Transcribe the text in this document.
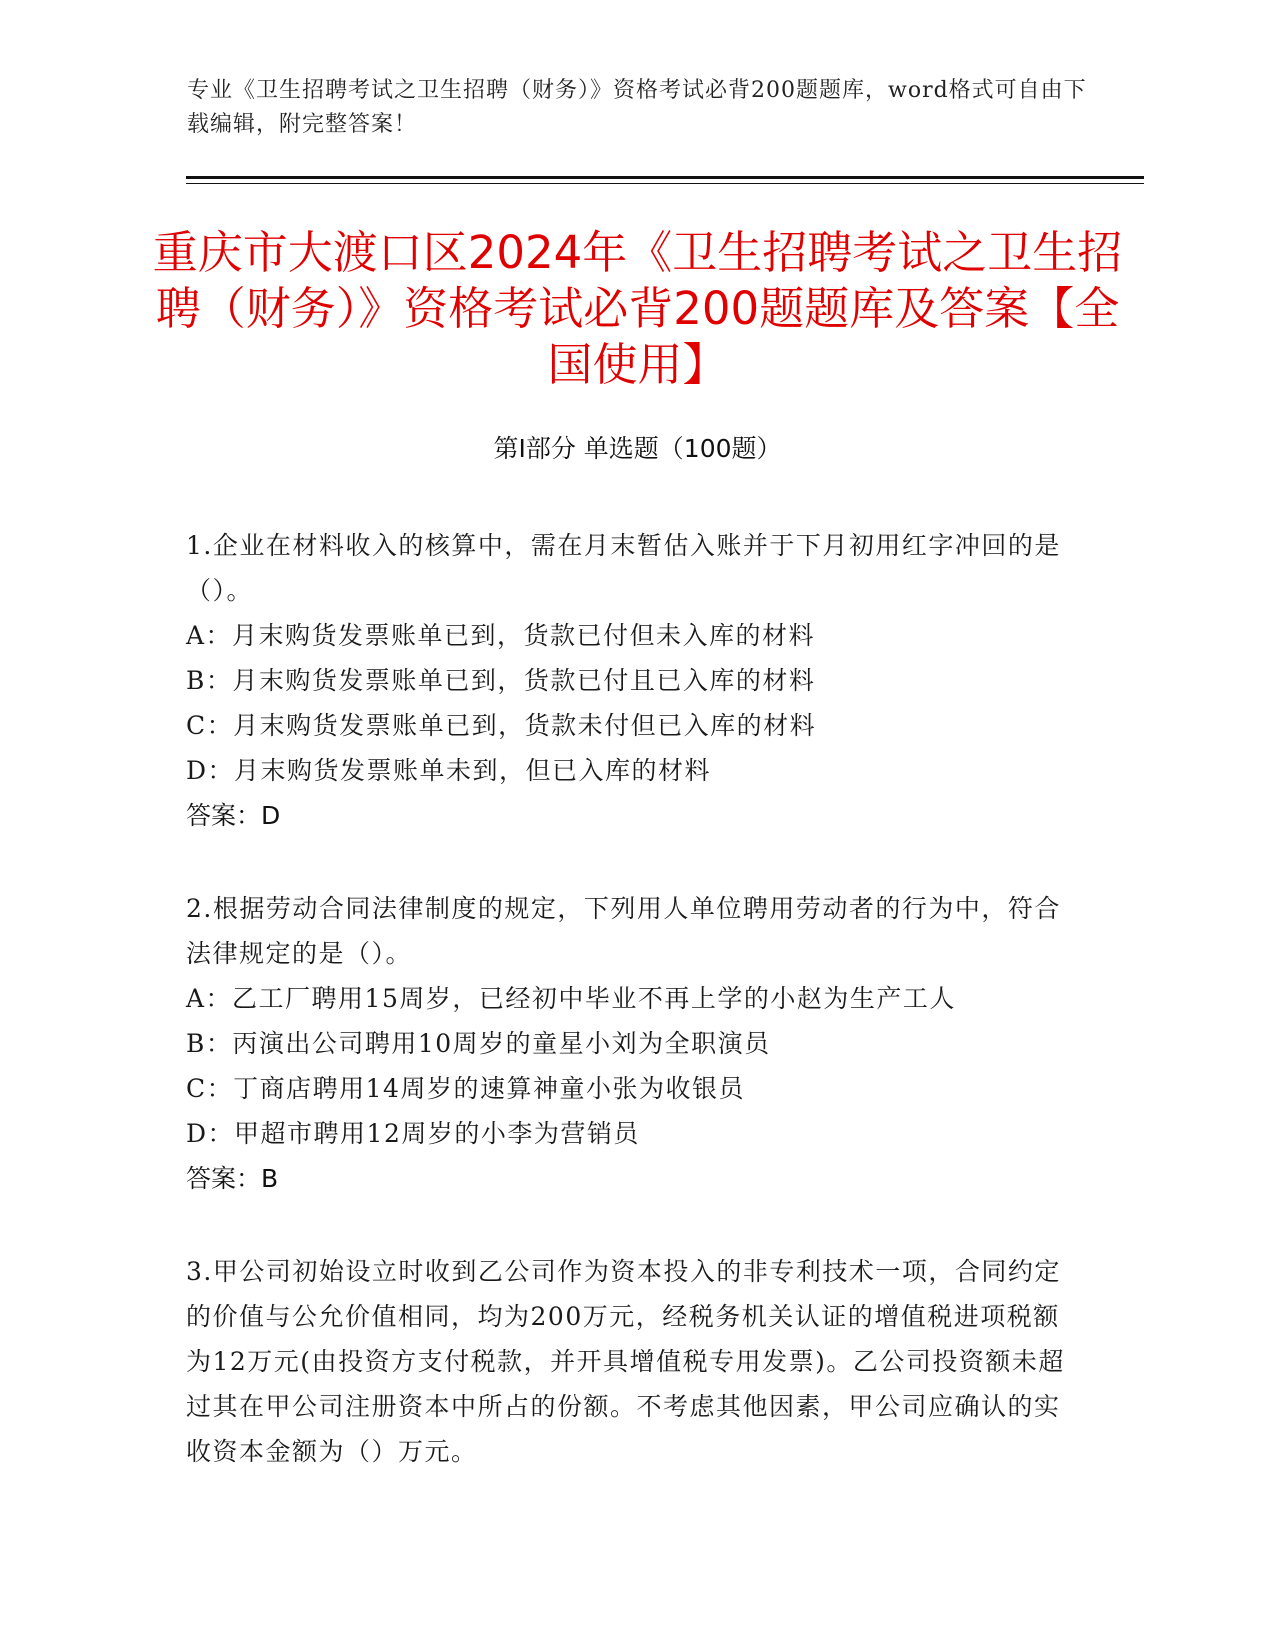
专业《卫生招聘考试之卫生招聘（财务）》资格考试必背200题题库，word格式可自由下载编辑，附完整答案！
重庆市大渡口区2024年《卫生招聘考试之卫生招聘（财务）》资格考试必背200题题库及答案【全国使用】
第I部分 单选题（100题）

1.企业在材料收入的核算中，需在月末暂估入账并于下月初用红字冲回的是（）。

A：月末购货发票账单已到，货款已付但未入库的材料

B：月末购货发票账单已到，货款已付且已入库的材料

C：月末购货发票账单已到，货款未付但已入库的材料

D：月末购货发票账单未到，但已入库的材料

答案：D

2.根据劳动合同法律制度的规定，下列用人单位聘用劳动者的行为中，符合法律规定的是（）。

A：乙工厂聘用15周岁，已经初中毕业不再上学的小赵为生产工人

B：丙演出公司聘用10周岁的童星小刘为全职演员

C：丁商店聘用14周岁的速算神童小张为收银员

D：甲超市聘用12周岁的小李为营销员

答案：B

3.甲公司初始设立时收到乙公司作为资本投入的非专利技术一项，合同约定的价值与公允价值相同，均为200万元，经税务机关认证的增值税进项税额为12万元(由投资方支付税款，并开具增值税专用发票)。乙公司投资额未超过其在甲公司注册资本中所占的份额。不考虑其他因素，甲公司应确认的实收资本金额为（）万元。
